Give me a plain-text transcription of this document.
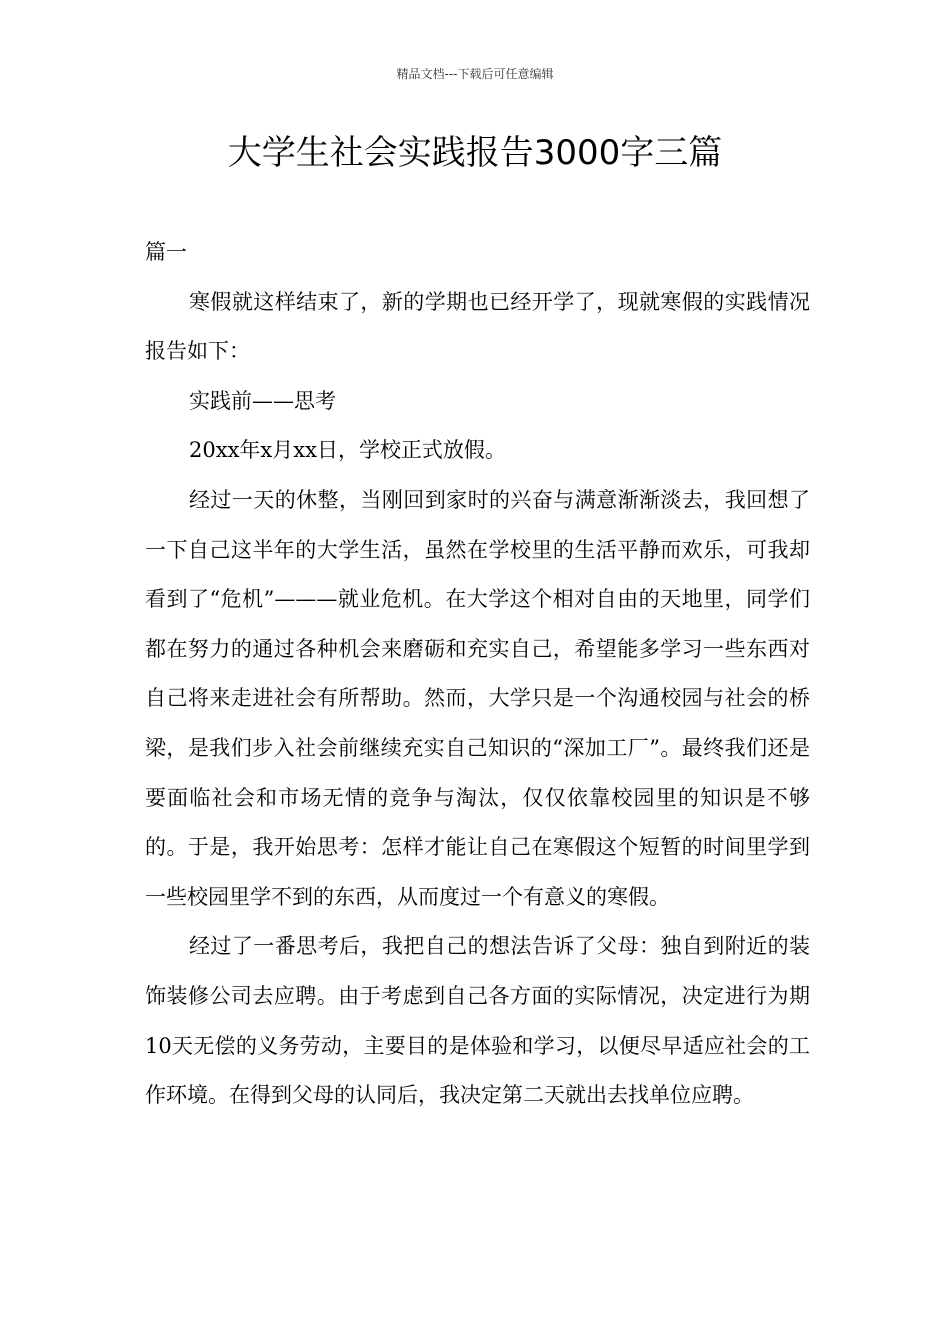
精品文档---下载后可任意编辑
大学生社会实践报告3000字三篇

篇一

寒假就这样结束了，新的学期也已经开学了，现就寒假的实践情况报告如下：

实践前——思考

20xx年x月xx日，学校正式放假。

经过一天的休整，当刚回到家时的兴奋与满意渐渐淡去，我回想了一下自己这半年的大学生活，虽然在学校里的生活平静而欢乐，可我却看到了“危机”———就业危机。在大学这个相对自由的天地里，同学们都在努力的通过各种机会来磨砺和充实自己，希望能多学习一些东西对自己将来走进社会有所帮助。然而，大学只是一个沟通校园与社会的桥梁，是我们步入社会前继续充实自己知识的“深加工厂”。最终我们还是要面临社会和市场无情的竞争与淘汰，仅仅依靠校园里的知识是不够的。于是，我开始思考：怎样才能让自己在寒假这个短暂的时间里学到一些校园里学不到的东西，从而度过一个有意义的寒假。

经过了一番思考后，我把自己的想法告诉了父母：独自到附近的装饰装修公司去应聘。由于考虑到自己各方面的实际情况，决定进行为期10天无偿的义务劳动，主要目的是体验和学习，以便尽早适应社会的工作环境。在得到父母的认同后，我决定第二天就出去找单位应聘。
